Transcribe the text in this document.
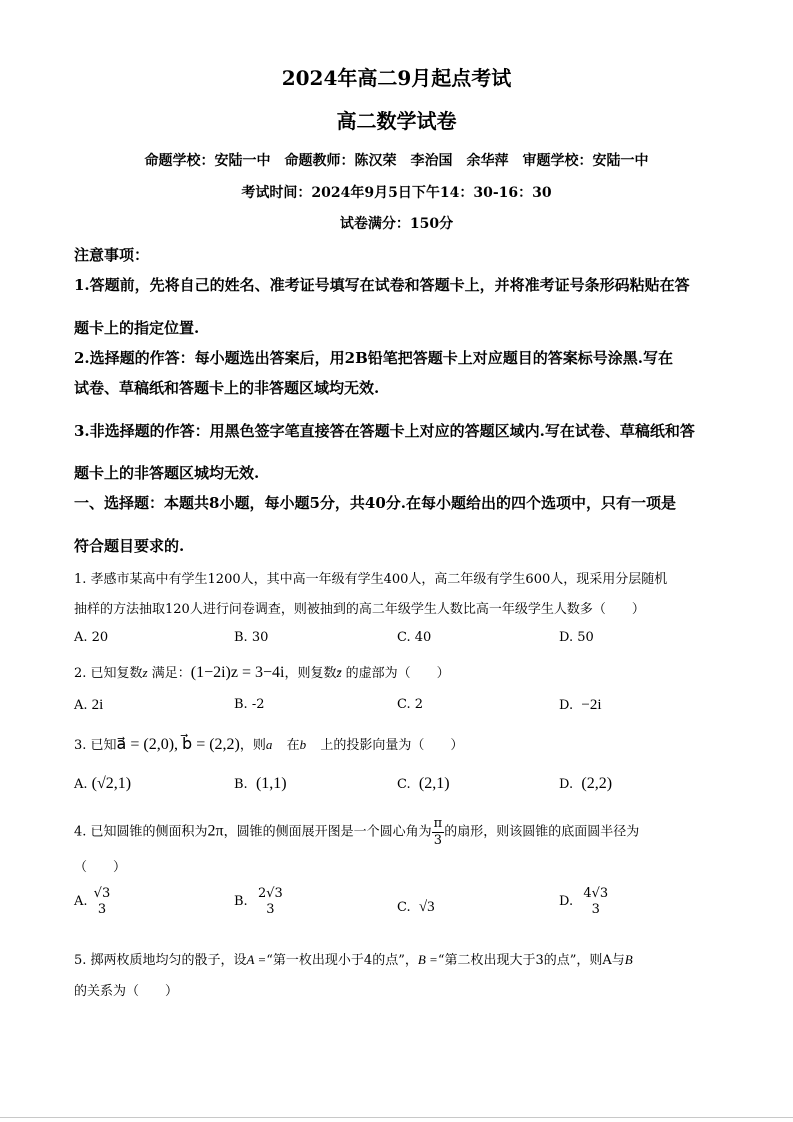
2024年高二9月起点考试
高二数学试卷
命题学校：安陆一中　命题教师：陈汉荣　李治国　余华萍　审题学校：安陆一中
考试时间：2024年9月5日下午14：30-16：30
试卷满分：150分
注意事项：
1.答题前，先将自己的姓名、准考证号填写在试卷和答题卡上，并将准考证号条形码粘贴在答
题卡上的指定位置.
2.选择题的作答：每小题选出答案后，用2B铅笔把答题卡上对应题目的答案标号涂黑.写在
试卷、草稿纸和答题卡上的非答题区域均无效.
3.非选择题的作答：用黑色签字笔直接答在答题卡上对应的答题区域内.写在试卷、草稿纸和答
题卡上的非答题区城均无效.
一、选择题：本题共8小题，每小题5分，共40分.在每小题给出的四个选项中，只有一项是
符合题目要求的.
1. 孝感市某高中有学生1200人，其中高一年级有学生400人，高二年级有学生600人，现采用分层随机
抽样的方法抽取120人进行问卷调查，则被抽到的高二年级学生人数比高一年级学生人数多（　　）
A. 20	B. 30	C. 40	D. 50
2. 已知复数z 满足：(1−2i)z = 3−4i，则复数z̄ 的虚部为（　　）
A. 2i	B. -2	C. 2	D. −2i
3. 已知a⃗ = (2,0), b⃗ = (2,2)，则a⃗ 在b⃗ 上的投影向量为（　　）
A. (√2,1)	B. (1,1)	C. (2,1)	D. (2,2)
4. 已知圆锥的侧面积为2π，圆锥的侧面展开图是一个圆心角为 $\frac{\pi}{3}$ 的扇形，则该圆锥的底面圆半径为
（　　）
A.
√3
3	B.
2√3
3	C. √3	D.
4√3
3
5. 掷两枚质地均匀的骰子，设A =“第一枚出现小于4的点”，B =“第二枚出现大于3的点”，则A与B
的关系为（　　）
